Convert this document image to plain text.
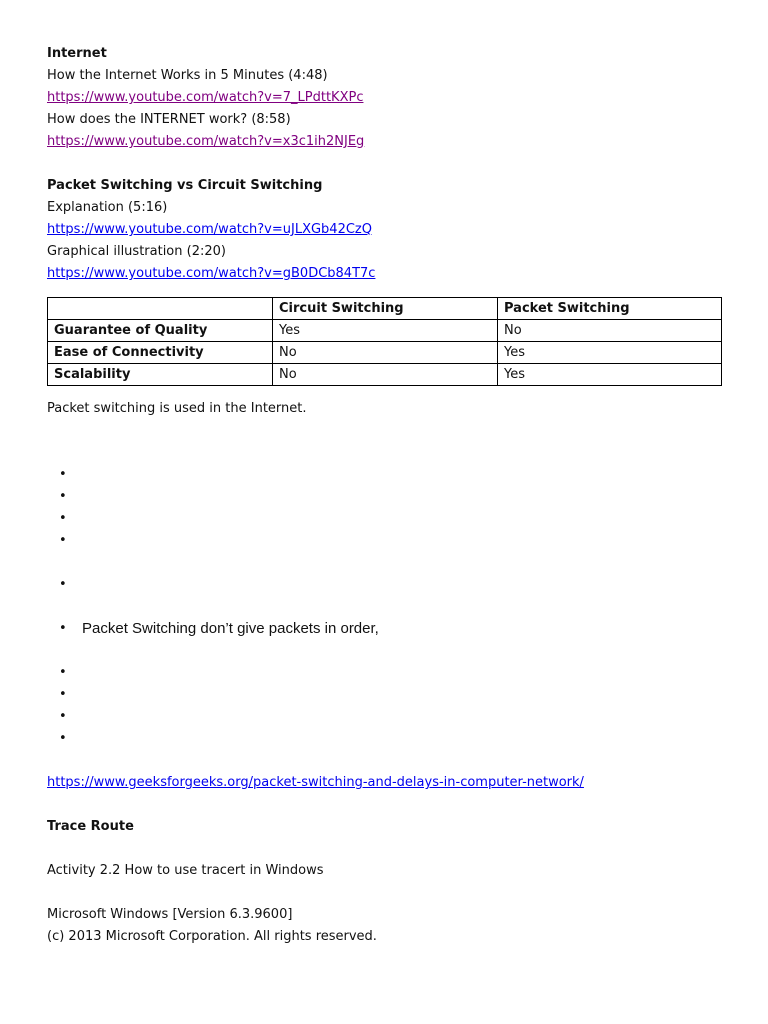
Internet
How the Internet Works in 5 Minutes (4:48)
https://www.youtube.com/watch?v=7_LPdttKXPc
How does the INTERNET work? (8:58)
https://www.youtube.com/watch?v=x3c1ih2NJEg
Packet Switching vs Circuit Switching
Explanation (5:16)
https://www.youtube.com/watch?v=uJLXGb42CzQ
Graphical illustration (2:20)
https://www.youtube.com/watch?v=gB0DCb84T7c
	Circuit Switching	Packet Switching
Guarantee of Quality	Yes	No
Ease of Connectivity	No	Yes
Scalability	No	Yes
Packet switching is used in the Internet.
•
•
•
•
•
• Packet Switching don’t give packets in order,
•
•
•
•
https://www.geeksforgeeks.org/packet-switching-and-delays-in-computer-network/
Trace Route
Activity 2.2 How to use tracert in Windows
Microsoft Windows [Version 6.3.9600]
(c) 2013 Microsoft Corporation. All rights reserved.
